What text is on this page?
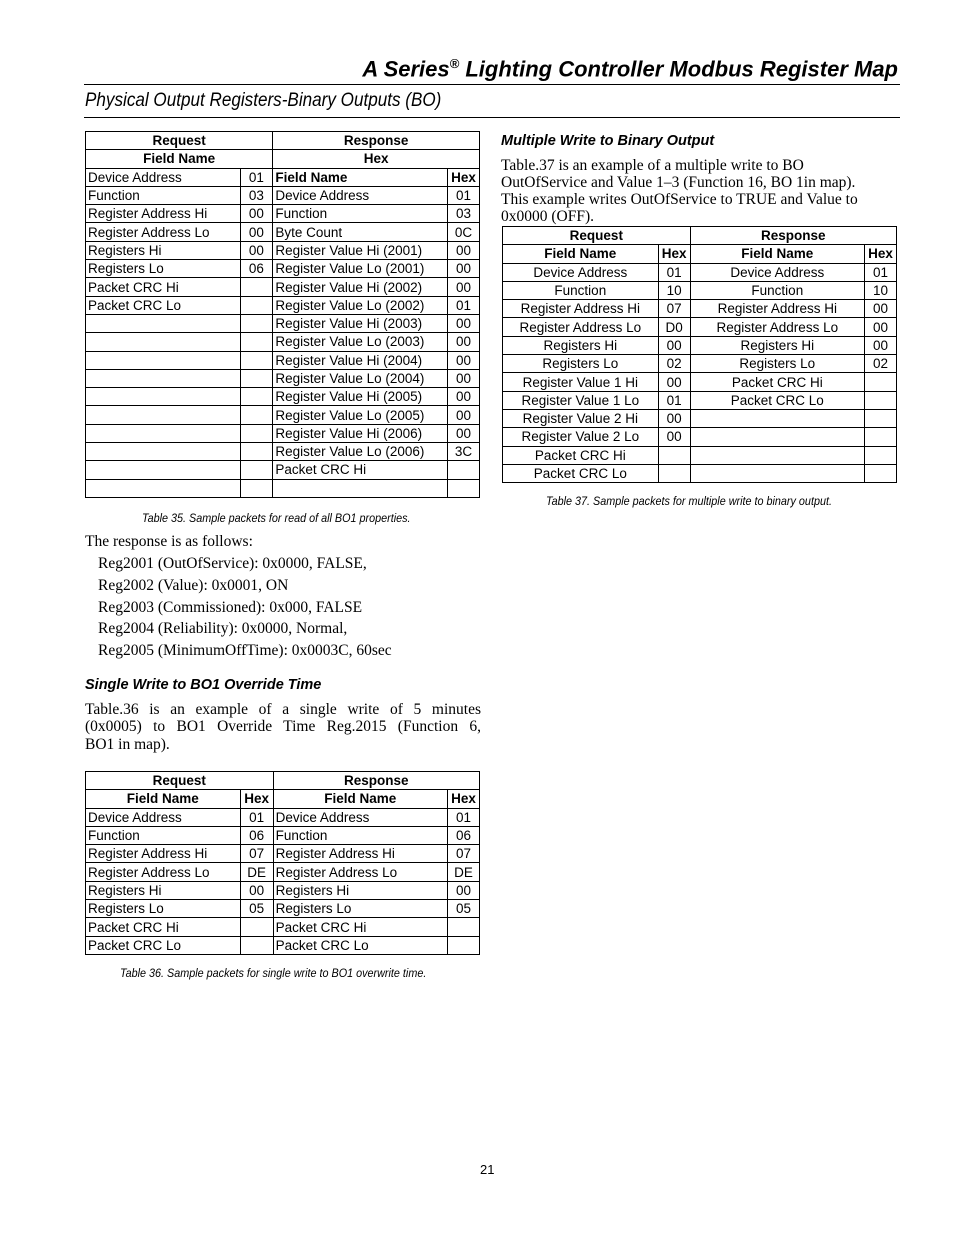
A Series® Lighting Controller Modbus Register Map
Physical Output Registers-Binary Outputs (BO)
Request		Response	
Field Name		Hex	
Device Address	01	Field Name	Hex
Function	03	Device Address	01
Register Address Hi	00	Function	03
Register Address Lo	00	Byte Count	0C
Registers Hi	00	Register Value Hi (2001)	00
Registers Lo	06	Register Value Lo (2001)	00
Packet CRC Hi		Register Value Hi (2002)	00
Packet CRC Lo		Register Value Lo (2002)	01
		Register Value Hi (2003)	00
		Register Value Lo (2003)	00
		Register Value Hi (2004)	00
		Register Value Lo (2004)	00
		Register Value Hi (2005)	00
		Register Value Lo (2005)	00
		Register Value Hi (2006)	00
		Register Value Lo (2006)	3C
		Packet CRC Hi	

Table 35. Sample packets for read of all BO1 properties.

The response is as follows:

Reg2001 (OutOfService): 0x0000, FALSE,

Reg2002 (Value): 0x0001, ON

Reg2003 (Commissioned): 0x000, FALSE

Reg2004 (Reliability): 0x0000, Normal,

Reg2005 (MinimumOffTime): 0x0003C, 60sec

Single Write to BO1 Override Time

Table.36 is an example of a single write of 5 minutes

(0x0005) to BO1 Override Time Reg.2015 (Function 6,

BO1 in map).

Request		Response	
Field Name	Hex	Field Name	Hex
Device Address	01	Device Address	01
Function	06	Function	06
Register Address Hi	07	Register Address Hi	07
Register Address Lo	DE	Register Address Lo	DE
Registers Hi	00	Registers Hi	00
Registers Lo	05	Registers Lo	05
Packet CRC Hi		Packet CRC Hi	
Packet CRC Lo		Packet CRC Lo	
Table 36. Sample packets for single write to BO1 overwrite time.
Multiple Write to Binary Output

Table.37 is an example of a multiple write to BO

OutOfService and Value 1–3 (Function 16, BO 1in map).

This example writes OutOfService to TRUE and Value to

0x0000 (OFF).

Request		Response	
Field Name	Hex	Field Name	Hex
Device Address	01	Device Address	01
Function	10	Function	10
Register Address Hi	07	Register Address Hi	00
Register Address Lo	D0	Register Address Lo	00
Registers Hi	00	Registers Hi	00
Registers Lo	02	Registers Lo	02
Register Value 1 Hi	00	Packet CRC Hi	
Register Value 1 Lo	01	Packet CRC Lo	
Register Value 2 Hi	00		
Register Value 2 Lo	00		
Packet CRC Hi			
Packet CRC Lo			
Table 37. Sample packets for multiple write to binary output.
21
